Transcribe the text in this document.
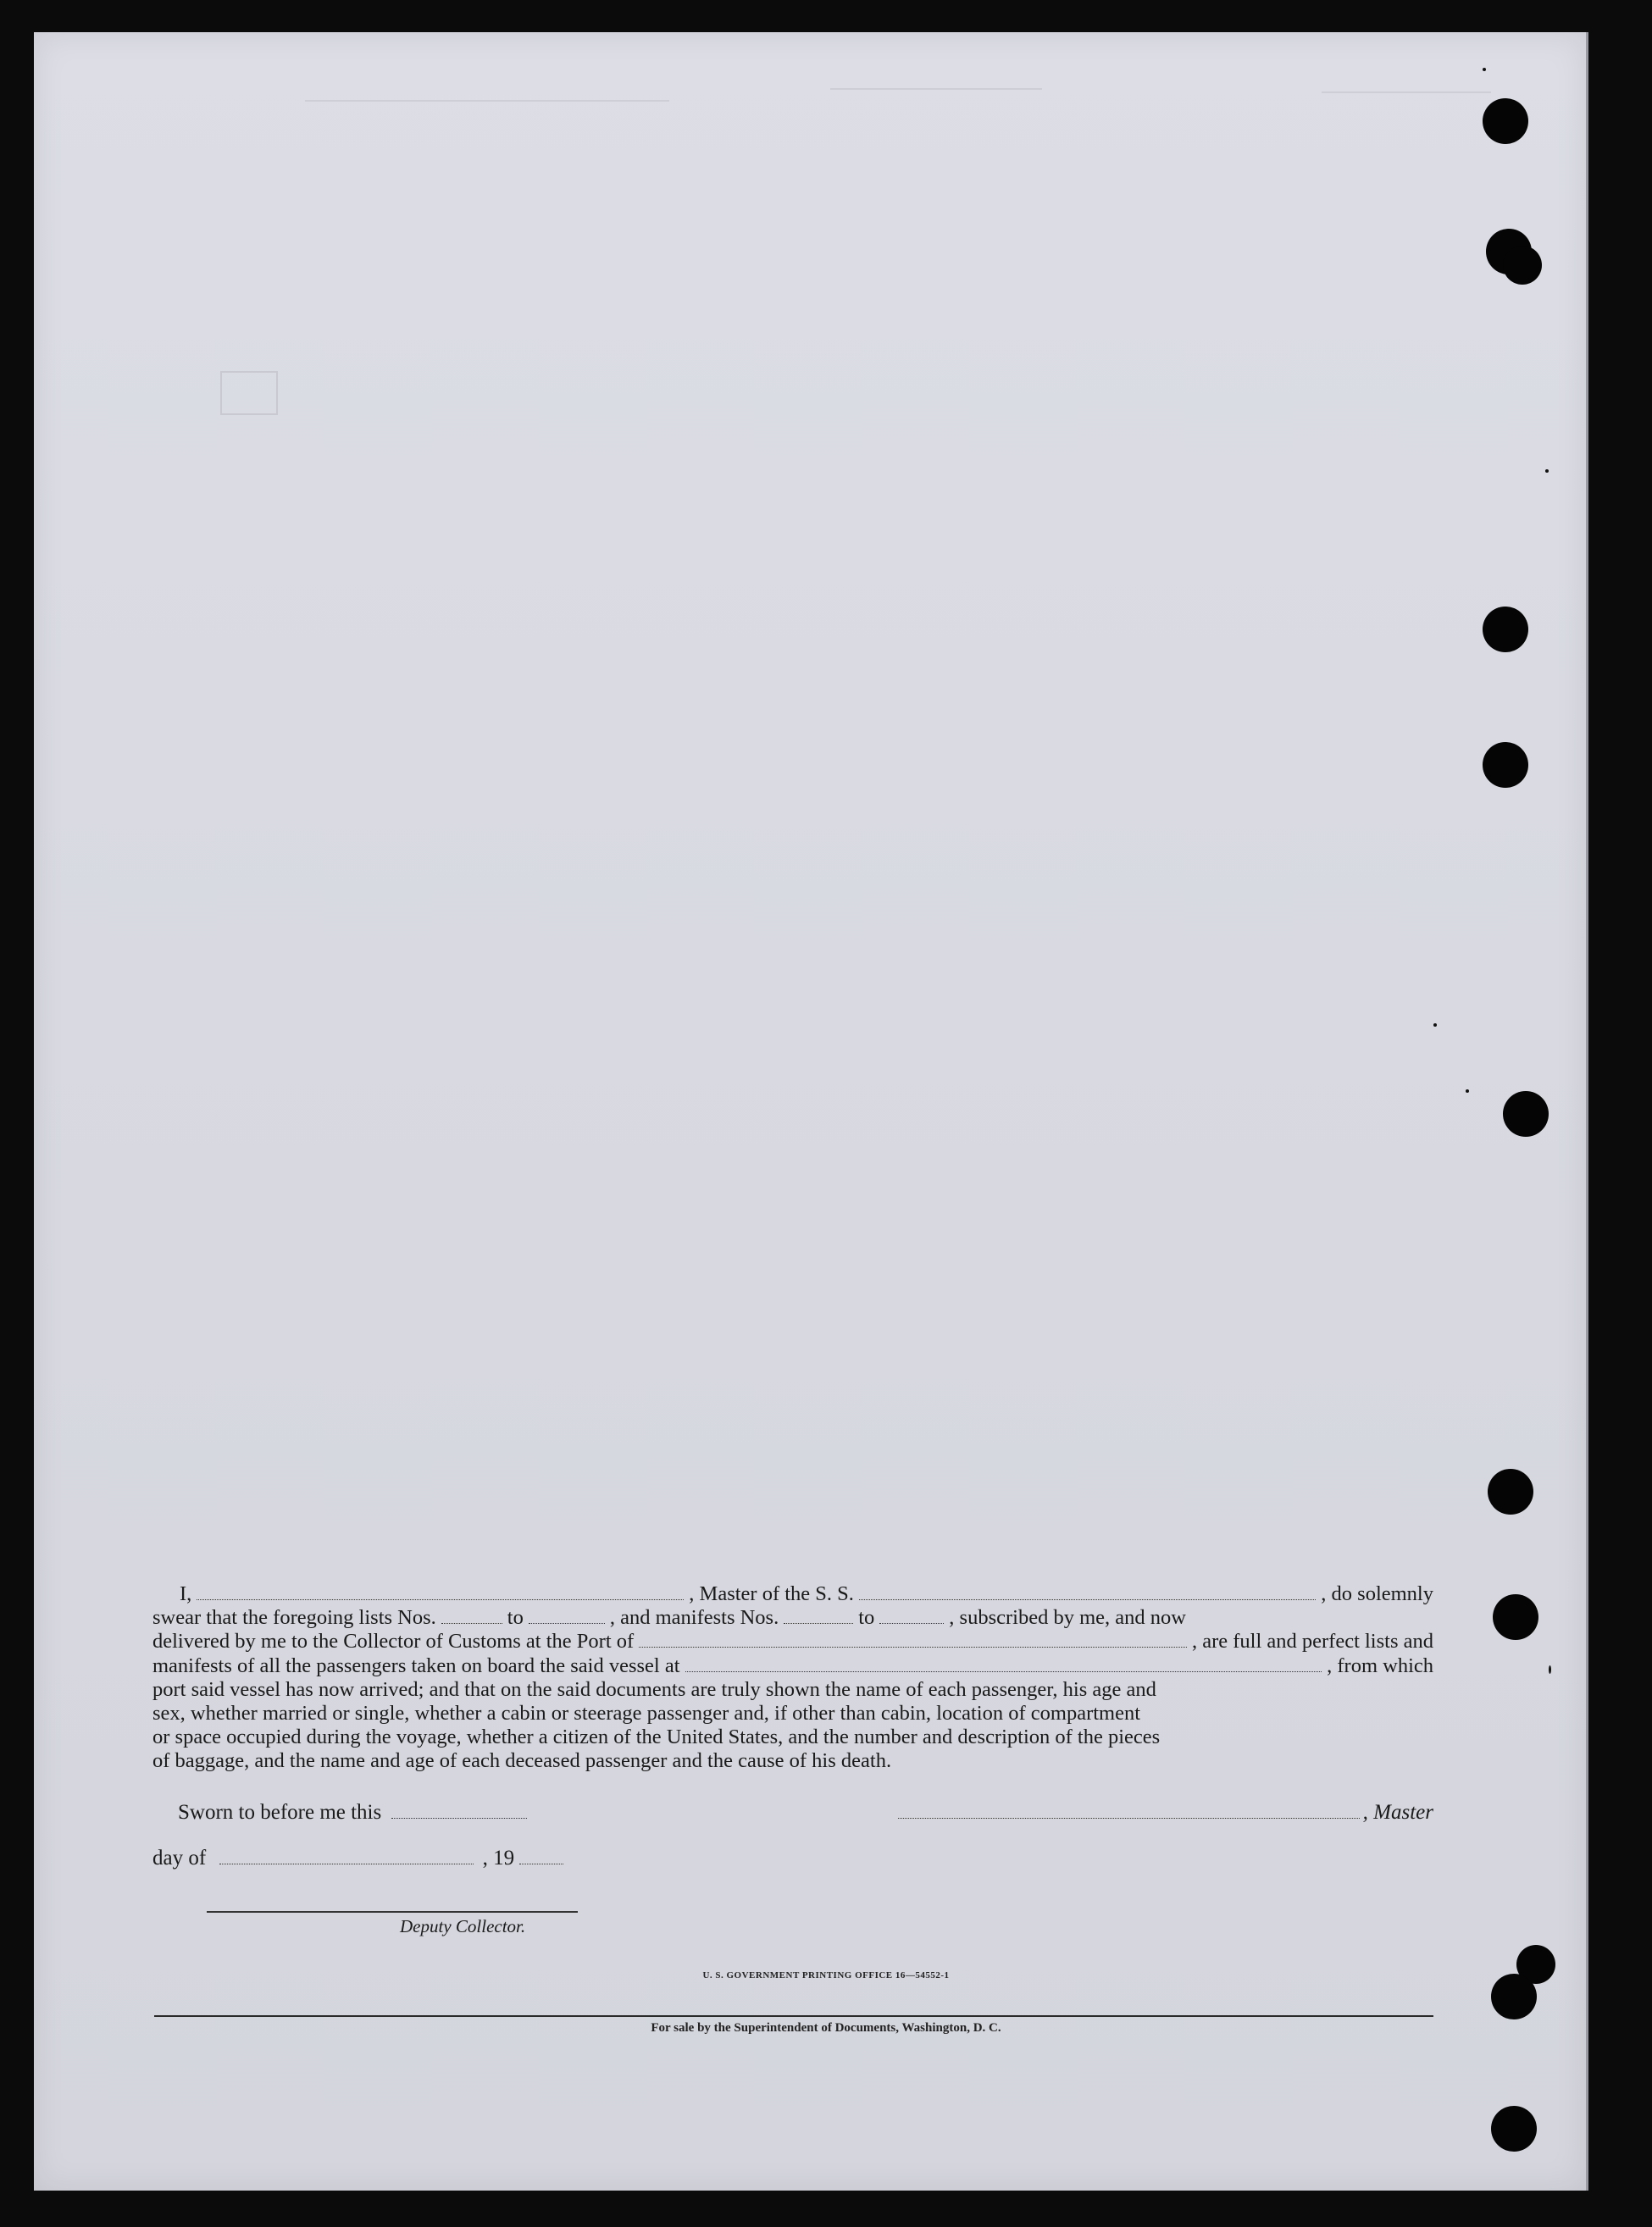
I,	, Master of the S. S.	, do solemnly
swear that the foregoing lists Nos.	to	, and manifests Nos.	to	, subscribed by me, and now
delivered by me to the Collector of Customs at the Port of	, are full and perfect lists and
manifests of all the passengers taken on board the said vessel at	, from which
port said vessel has now arrived; and that on the said documents are truly shown the name of each passenger, his age and
sex, whether married or single, whether a cabin or steerage passenger and, if other than cabin, location of compartment
or space occupied during the voyage, whether a citizen of the United States, and the number and description of the pieces
of baggage, and the name and age of each deceased passenger and the cause of his death.
Sworn to before me this	, Master
day of	, 19
Deputy Collector.
U. S. GOVERNMENT PRINTING OFFICE 16—54552-1
For sale by the Superintendent of Documents, Washington, D. C.
